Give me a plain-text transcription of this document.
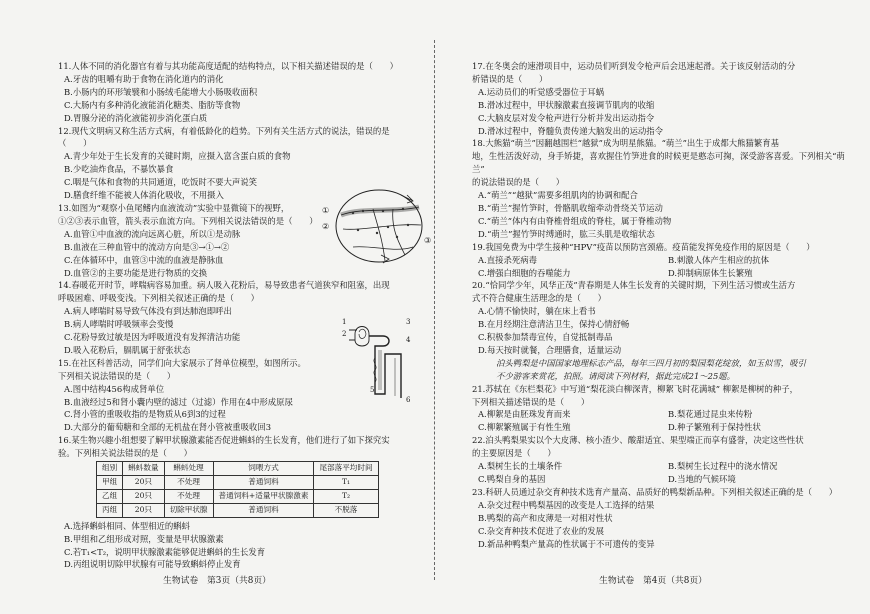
11.人体不同的消化器官有着与其功能高度适配的结构特点，以下相关描述错误的是（　　）

A.牙齿的咀嚼有助于食物在消化道内的消化

B.小肠内的环形皱襞和小肠绒毛能增大小肠吸收面积

C.大肠内有多种消化液能消化糖类、脂肪等食物

D.胃腺分泌的消化液能初步消化蛋白质

12.现代文明病又称生活方式病，有着低龄化的趋势。下列有关生活方式的说法，错误的是（　　）

A.青少年处于生长发育的关键时期，应摄入富含蛋白质的食物

B.少吃油炸食品，不暴饮暴食

C.咽是气体和食物的共同通道，吃饭时不要大声说笑

D.膳食纤维不能被人体消化吸收，不用摄入

13.如图为“观察小鱼尾鳍内血液流动”实验中显微镜下的视野，

①②③表示血管，箭头表示血流方向。下列相关说法错误的是（　　）

A.血管①中血液的流向远离心脏，所以①是动脉

B.血液在三种血管中的流动方向是③→①→②

C.在体循环中，血管③中流的血液是静脉血

D.血管②的主要功能是进行物质的交换

14.春暖花开时节，哮喘病容易加重。病人吸入花粉后，易导致患者气道狭窄和阻塞，出现

呼吸困难、呼吸变浅。下列相关叙述正确的是（　　）

A.病人哮喘时易导致气体没有到达肺泡即呼出

B.病人哮喘时呼吸频率会变慢

C.花粉导致过敏是因为呼吸道没有发挥清洁功能

D.吸入花粉后，膈肌属于舒张状态

15.在社区科普活动，同学们向大家展示了肾单位模型，如图所示。

下列相关说法错误的是（　　）

A.图中结构456构成肾单位

B.血液经过5和肾小囊内壁的滤过（过滤）作用在4中形成原尿

C.肾小管的重吸收指的是物质从6到3的过程

D.大部分的葡萄糖和全部的无机盐在肾小管被重吸收回3

16.某生物兴趣小组想要了解甲状腺激素能否促进蝌蚪的生长发育，他们进行了如下探究实

验。下列相关说法错误的是（　　）

组别	蝌蚪数量	蝌蚪处理	饲喂方式	尾部落平均时间
甲组	20只	不处理	普通饲料	T₁
乙组	20只	不处理	普通饲料+适量甲状腺激素	T₂
丙组	20只	切除甲状腺	普通饲料	不脱落

A.选择蝌蚪相同、体型相近的蝌蚪

B.甲组和乙组形成对照，变量是甲状腺激素

C.若T₁<T₂，说明甲状腺激素能够促进蝌蚪的生长发育

D.丙组说明切除甲状腺有可能导致蝌蚪停止发育

①
②
③
1
2
3
4
5
6
生物试卷　第3页（共8页）

17.在冬奥会的速滑项目中，运动员们听到发令枪声后会迅速起滑。关于该反射活动的分

析错误的是（　　）

A.运动员们的听觉感受器位于耳蜗

B.滑冰过程中，甲状腺激素直接调节肌肉的收缩

C.大脑皮层对发令枪声进行分析并发出运动指令

D.滑冰过程中，脊髓负责传递大脑发出的运动指令

18.大熊猫“萌兰”因翻越围栏“越狱”成为明星熊猫。“萌兰”出生于成都大熊猫繁育基

地，生性活泼好动，身手矫捷，喜欢握住竹笋进食的时候更是憨态可掬，深受游客喜爱。下列相关“萌兰”

的说法错误的是（　　）

A.“萌兰”“越狱”需要多组肌肉的协调和配合

B.“萌兰”握竹笋时，骨骼肌收缩牵动骨绕关节运动

C.“萌兰”体内有由脊椎骨组成的脊柱，属于脊椎动物

D.“萌兰”握竹笋时缚通时，肱三头肌是收缩状态

19.我国免费为中学生接种“HPV”疫苗以预防宫颈癌。疫苗能发挥免疫作用的原因是（　　）

A.直接杀死病毒	B.刺激人体产生相应的抗体

C.增强白细胞的吞噬能力	D.抑制病原体生长繁殖

20.“恰同学少年，风华正茂”青春期是人体生长发育的关键时期，下列生活习惯或生活方

式不符合健康生活理念的是（　　）

A.心情不愉快时，躺在床上看书

B.在月经期注意清洁卫生，保持心情舒畅

C.积极参加禁毒宣传，自觉抵制毒品

D.每天按时就餐，合理膳食，适量运动

泊头鸭梨是中国国家地理标志产品，每年三四月初的梨园梨花绽放，如玉似雪，吸引

不少游客来赏花，拍照。请阅读下列材料，据此完成21～25题。

21.苏轼在《东栏梨花》中写道“梨花淡白柳深青，柳絮飞时花满城” 柳絮是柳树的种子，

下列相关描述错误的是（　　）

A.柳絮是由胚珠发育而来	B.梨花通过昆虫来传粉

C.柳絮繁殖属于有性生殖	D.种子繁殖利于保持性状

22.泊头鸭梨果实以个大皮薄、核小渣少、酸甜适宜、果型端正而享有盛誉，决定这些性状

的主要原因是（　　）

A.梨树生长的土壤条件	B.梨树生长过程中的浇水情况

C.鸭梨自身的基因	D.当地的气候环境

23.科研人员通过杂交育种技术选育产量高、品质好的鸭梨新品种。下列相关叙述正确的是（　　）

A.杂交过程中鸭梨基因的改变是人工选择的结果

B.鸭梨的高产和皮薄是一对相对性状

C.杂交育种技术促进了农业的发展

D.新品种鸭梨产量高的性状属于不可遗传的变异

生物试卷　第4页（共8页）
